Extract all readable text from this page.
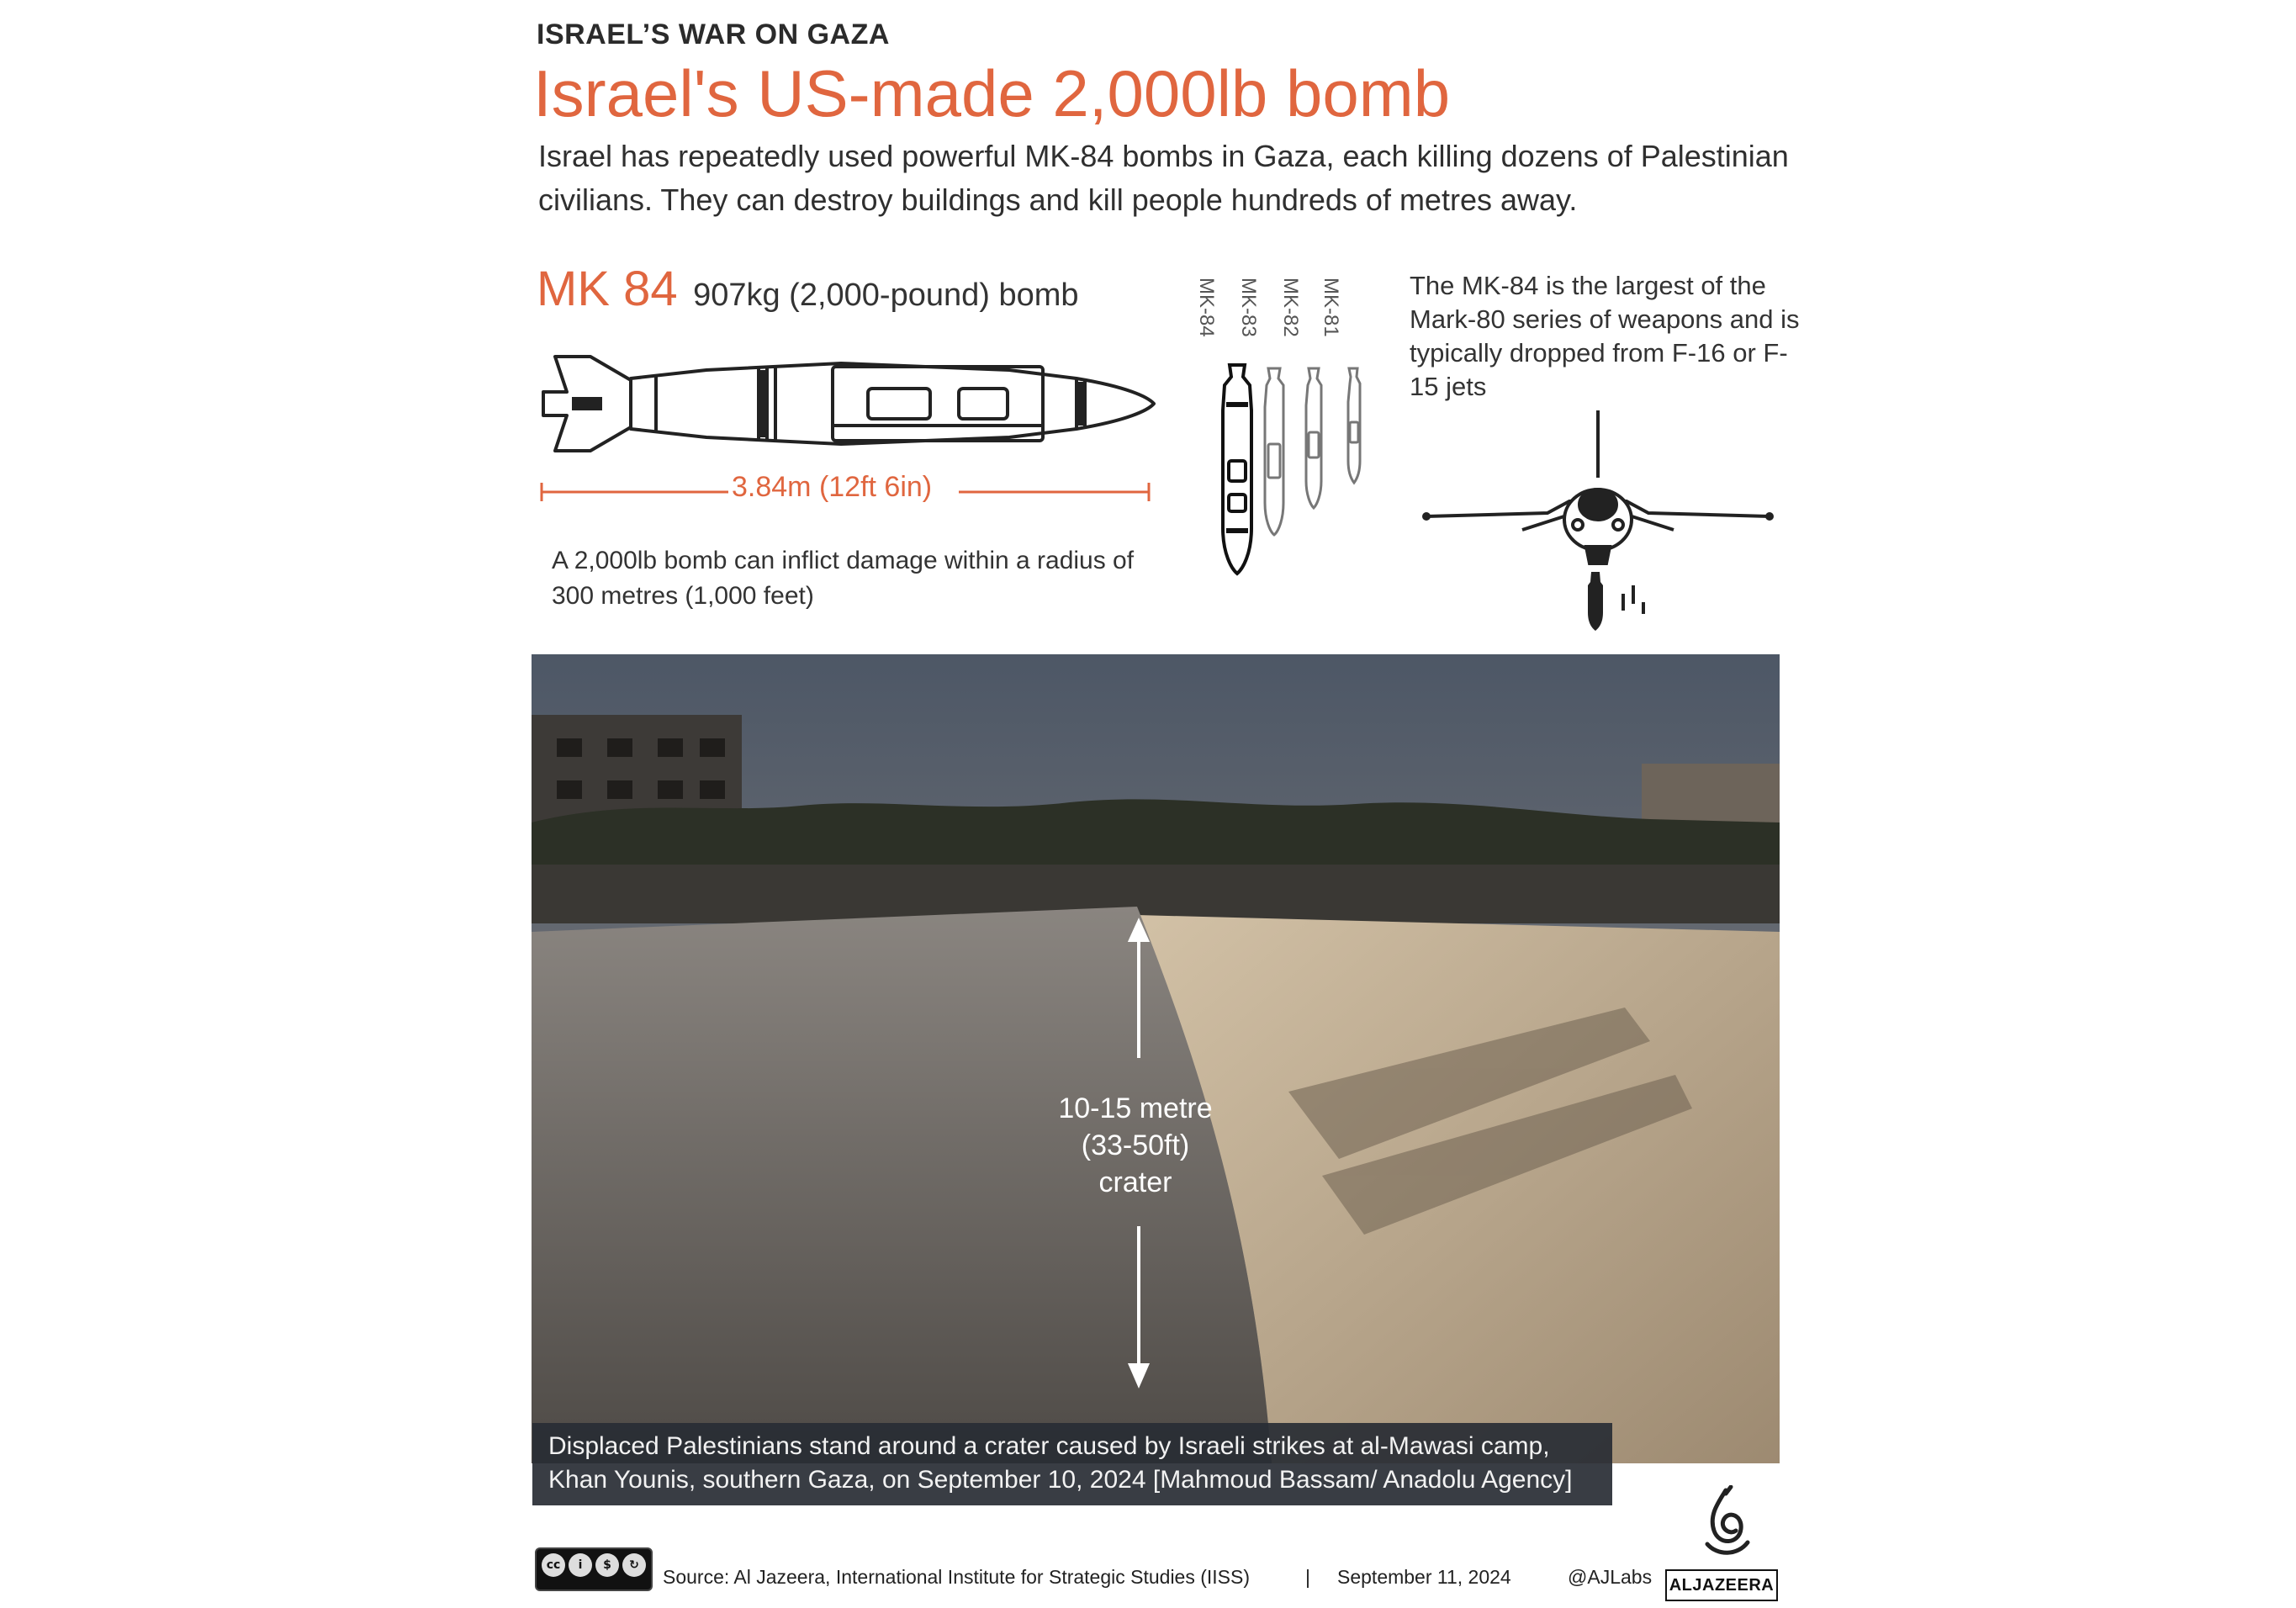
ISRAEL’S WAR ON GAZA
Israel's US-made 2,000lb bomb
Israel has repeatedly used powerful MK-84 bombs in Gaza, each killing dozens of Palestinian civilians. They can destroy buildings and kill people hundreds of metres away.
MK 84 907kg (2,000-pound) bomb
3.84m (12ft 6in)
A 2,000lb bomb can inflict damage within a radius of 300 metres (1,000 feet)
MK-84 MK-83 MK-82 MK-81	The MK-84 is the largest of the Mark-80 series of weapons and is typically dropped from F-16 or F-15 jets
10-15 metre
(33-50ft)
crater
Displaced Palestinians stand around a crater caused by Israeli strikes at al-Mawasi camp, Khan Younis, southern Gaza, on September 10, 2024 [Mahmoud Bassam/ Anadolu Agency]
cc	i	$	↻
Source: Al Jazeera, International Institute for Strategic Studies (IISS)	| September 11, 2024	@AJLabs ALJAZEERA
